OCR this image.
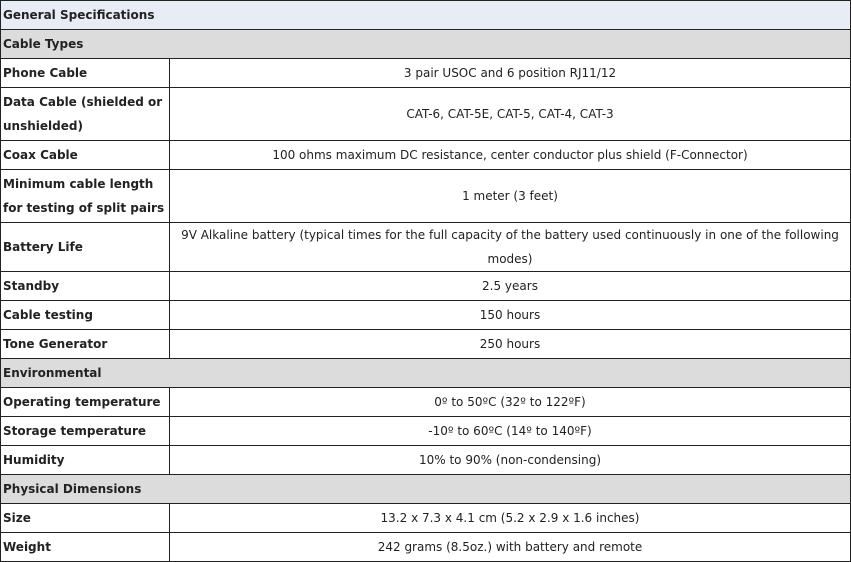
General Specifications	
Cable Types	
Phone Cable	3 pair USOC and 6 position RJ11/12
Data Cable (shielded or unshielded)	CAT-6, CAT-5E, CAT-5, CAT-4, CAT-3
Coax Cable	100 ohms maximum DC resistance, center conductor plus shield (F-Connector)
Minimum cable length for testing of split pairs	1 meter (3 feet)
Battery Life	9V Alkaline battery (typical times for the full capacity of the battery used continuously in one of the following modes)
Standby	2.5 years
Cable testing	150 hours
Tone Generator	250 hours
Environmental	
Operating temperature	0º to 50ºC (32º to 122ºF)
Storage temperature	-10º to 60ºC (14º to 140ºF)
Humidity	10% to 90% (non-condensing)
Physical Dimensions	
Size	13.2 x 7.3 x 4.1 cm (5.2 x 2.9 x 1.6 inches)
Weight	242 grams (8.5oz.) with battery and remote
